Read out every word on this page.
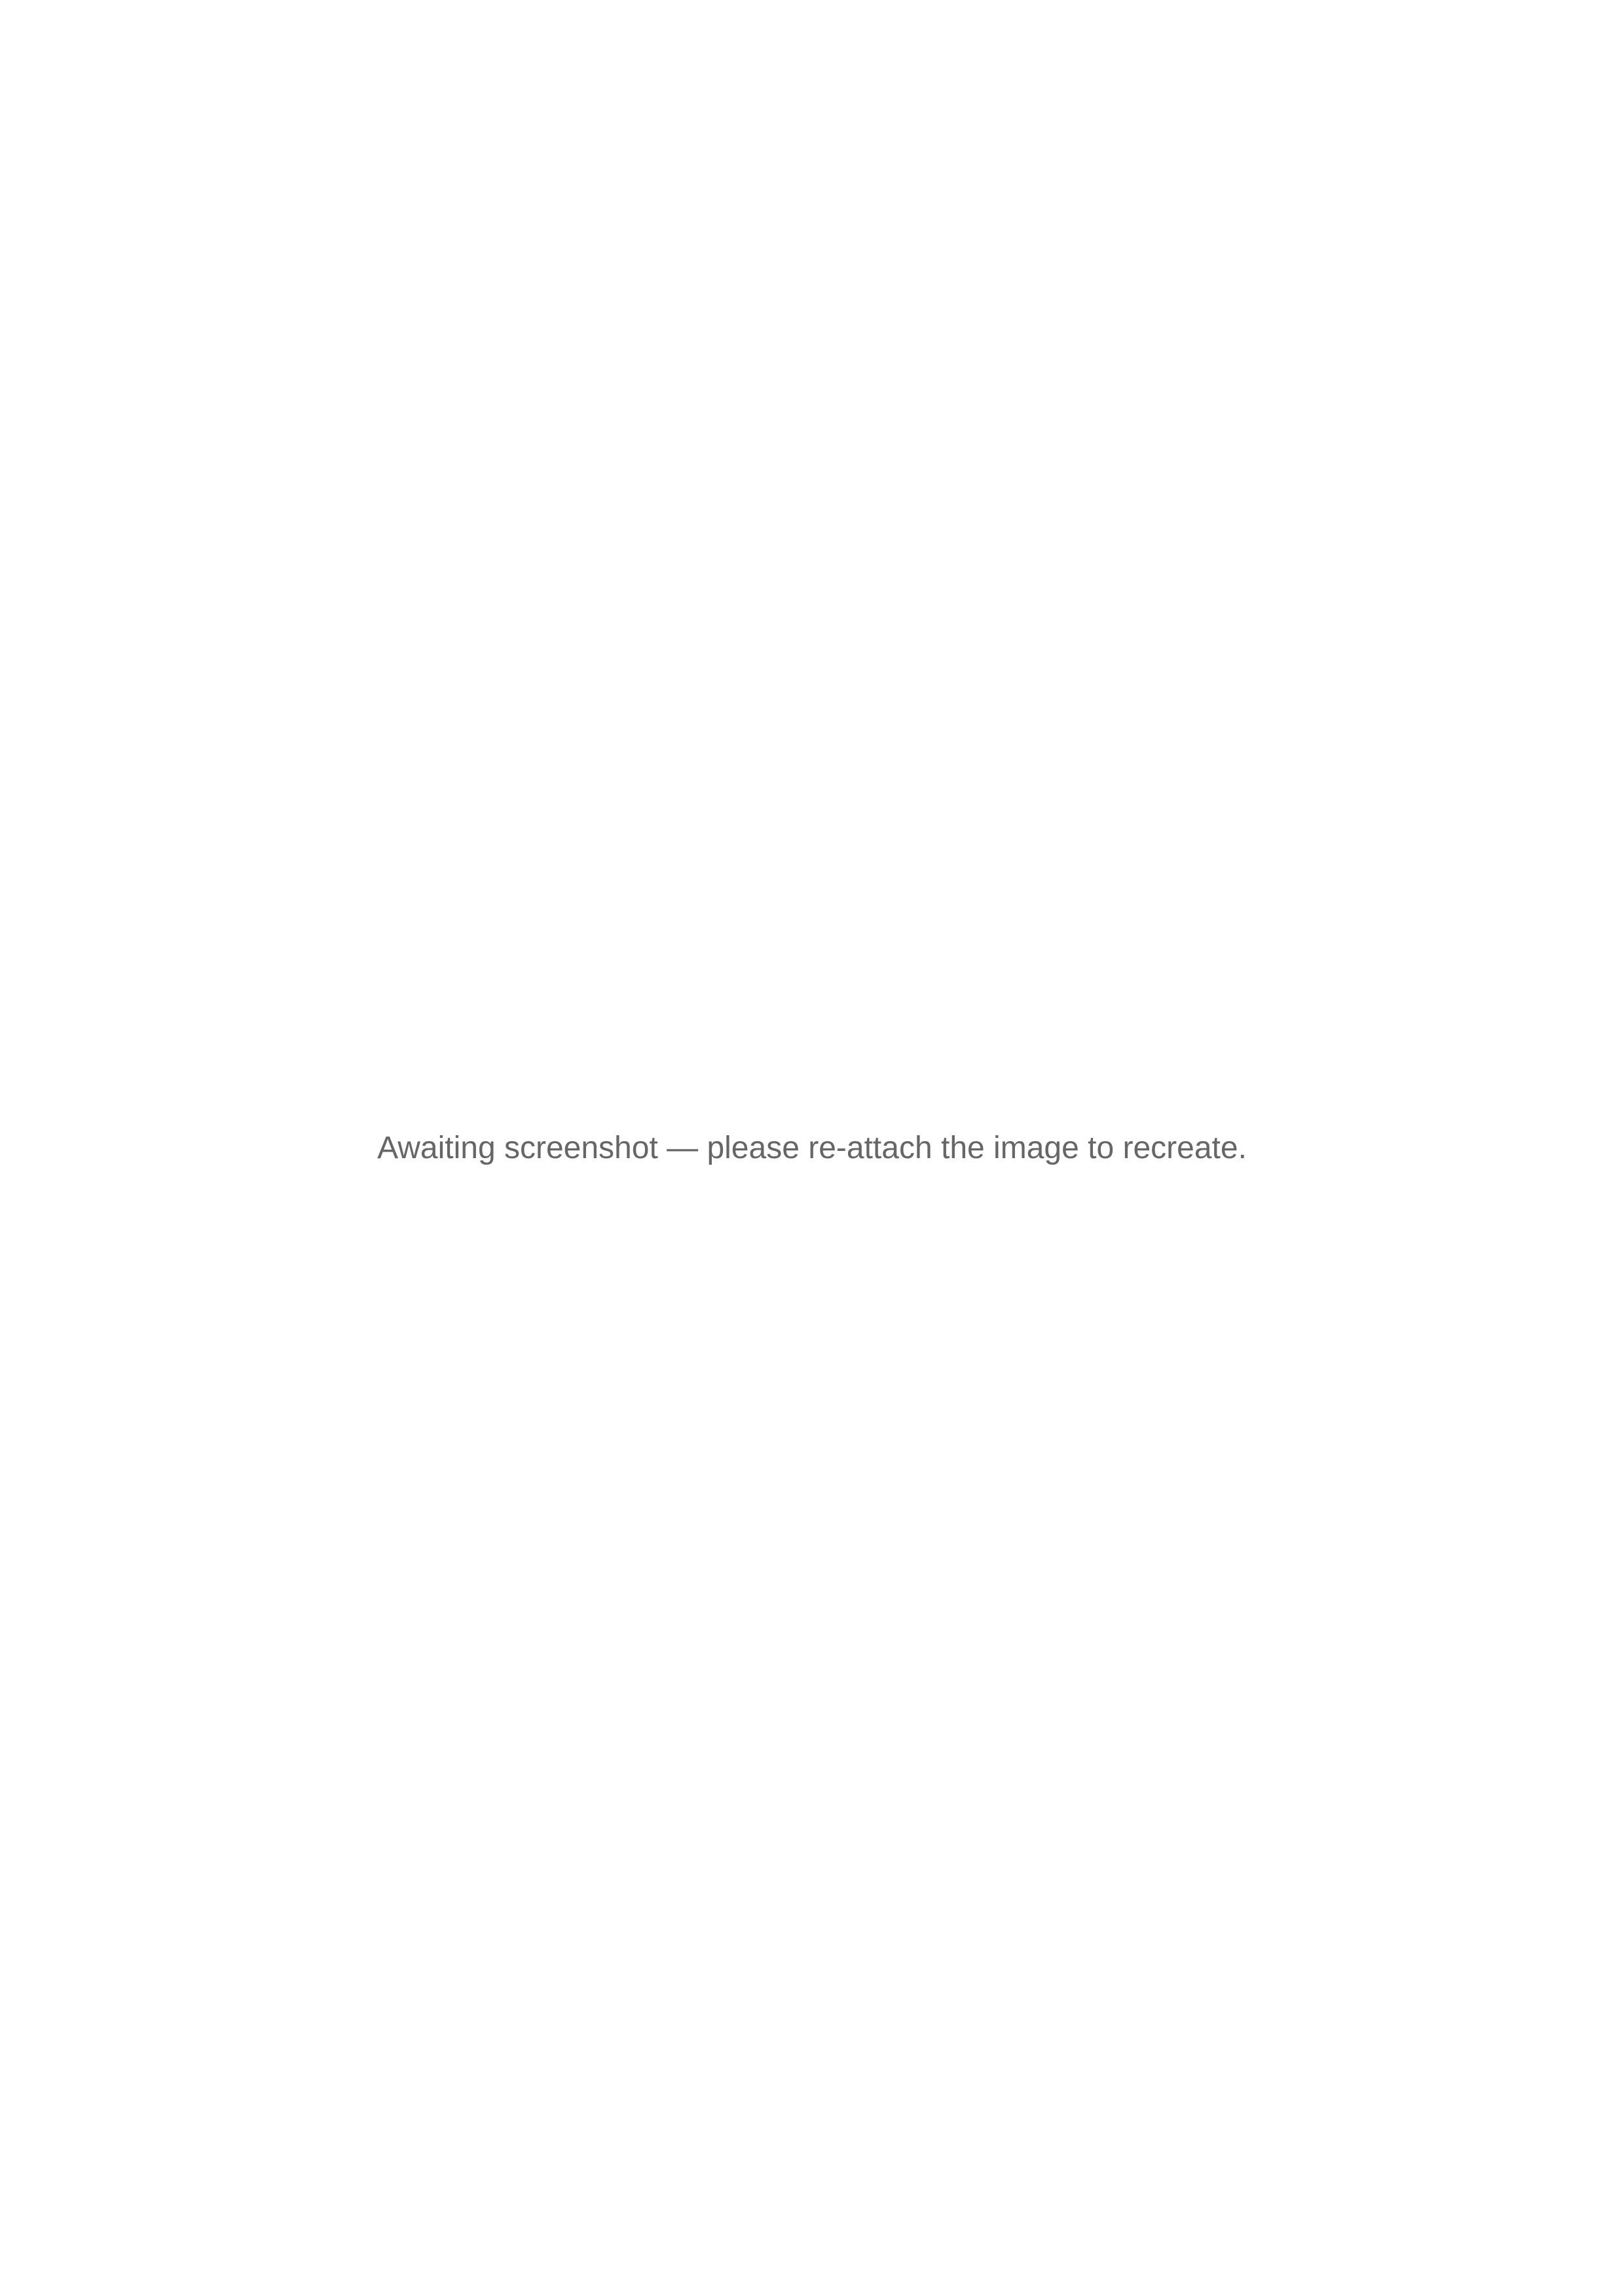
Awaiting screenshot — please re-attach the image to recreate.
